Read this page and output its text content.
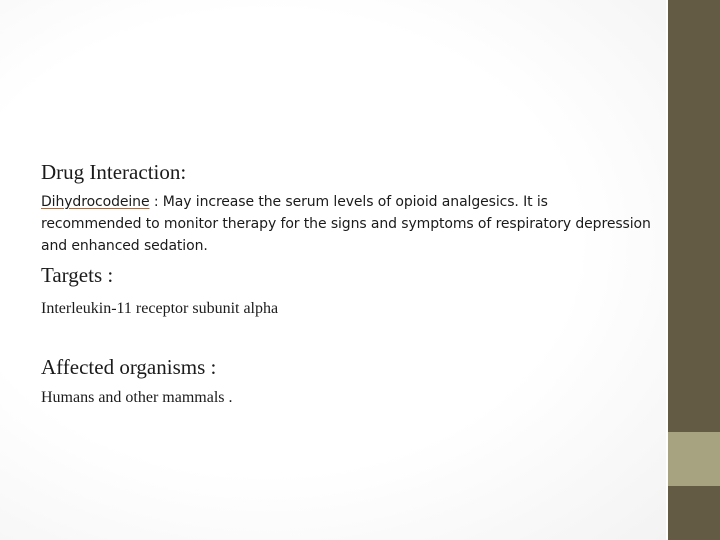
Drug Interaction:

Dihydrocodeine : May increase the serum levels of opioid analgesics. It is recommended to monitor therapy for the signs and symptoms of respiratory depression and enhanced sedation.

Targets :

Interleukin-11 receptor subunit alpha

Affected organisms :

Humans and other mammals .
